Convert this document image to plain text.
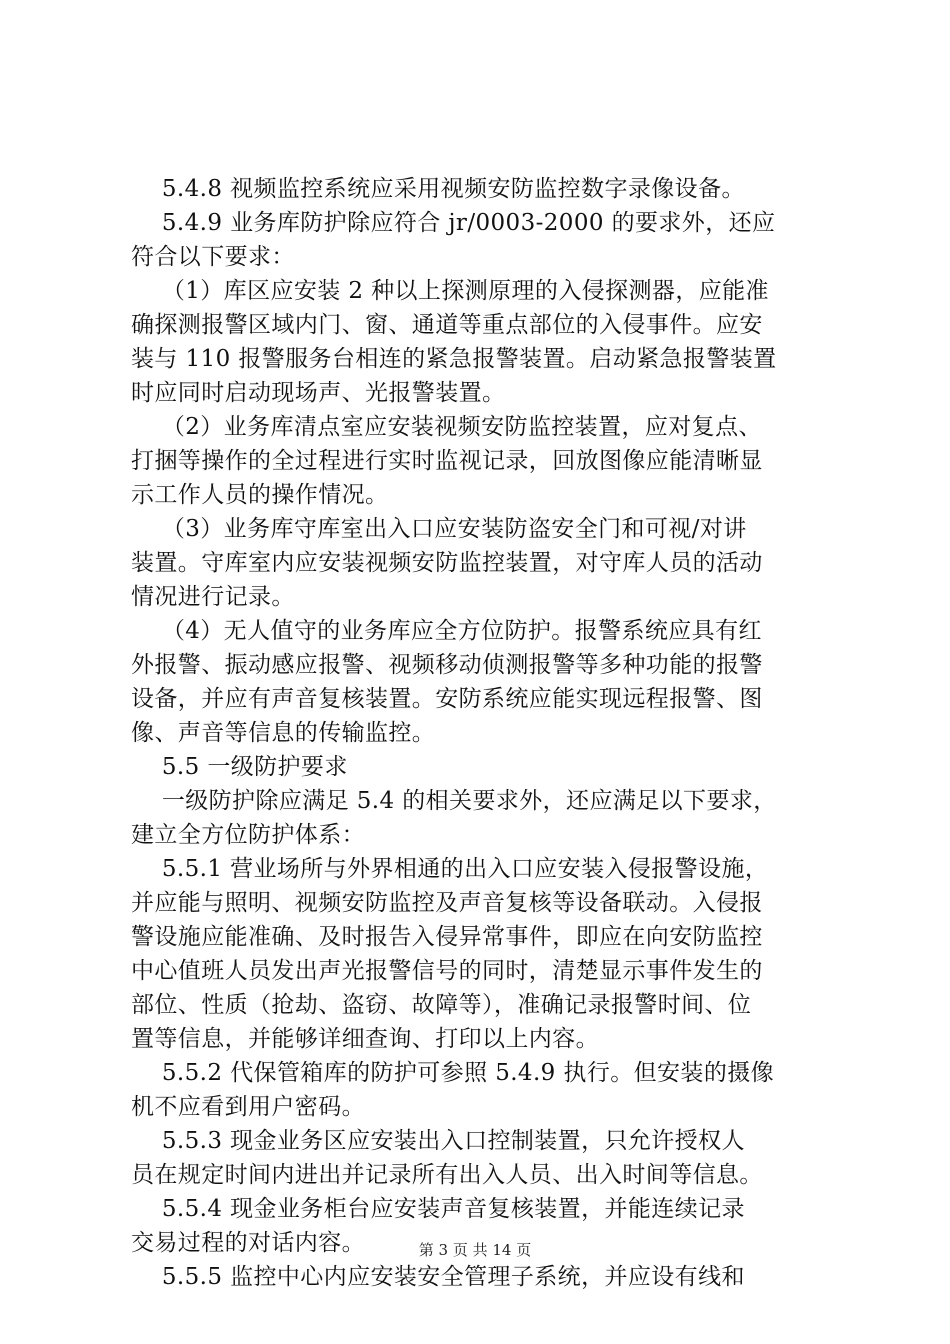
5.4.8 视频监控系统应采用视频安防监控数字录像设备。
5.4.9 业务库防护除应符合 jr/0003-2000 的要求外，还应
符合以下要求：
（1）库区应安装 2 种以上探测原理的入侵探测器，应能准
确探测报警区域内门、窗、通道等重点部位的入侵事件。应安
装与 110 报警服务台相连的紧急报警装置。启动紧急报警装置
时应同时启动现场声、光报警装置。
（2）业务库清点室应安装视频安防监控装置，应对复点、
打捆等操作的全过程进行实时监视记录，回放图像应能清晰显
示工作人员的操作情况。
（3）业务库守库室出入口应安装防盗安全门和可视/对讲
装置。守库室内应安装视频安防监控装置，对守库人员的活动
情况进行记录。
（4）无人值守的业务库应全方位防护。报警系统应具有红
外报警、振动感应报警、视频移动侦测报警等多种功能的报警
设备，并应有声音复核装置。安防系统应能实现远程报警、图
像、声音等信息的传输监控。
5.5 一级防护要求
一级防护除应满足 5.4 的相关要求外，还应满足以下要求，
建立全方位防护体系：
5.5.1 营业场所与外界相通的出入口应安装入侵报警设施，
并应能与照明、视频安防监控及声音复核等设备联动。入侵报
警设施应能准确、及时报告入侵异常事件，即应在向安防监控
中心值班人员发出声光报警信号的同时，清楚显示事件发生的
部位、性质（抢劫、盗窃、故障等），准确记录报警时间、位
置等信息，并能够详细查询、打印以上内容。
5.5.2 代保管箱库的防护可参照 5.4.9 执行。但安装的摄像
机不应看到用户密码。
5.5.3 现金业务区应安装出入口控制装置，只允许授权人
员在规定时间内进出并记录所有出入人员、出入时间等信息。
5.5.4 现金业务柜台应安装声音复核装置，并能连续记录
交易过程的对话内容。
5.5.5 监控中心内应安装安全管理子系统，并应设有线和
第 3 页 共 14 页
